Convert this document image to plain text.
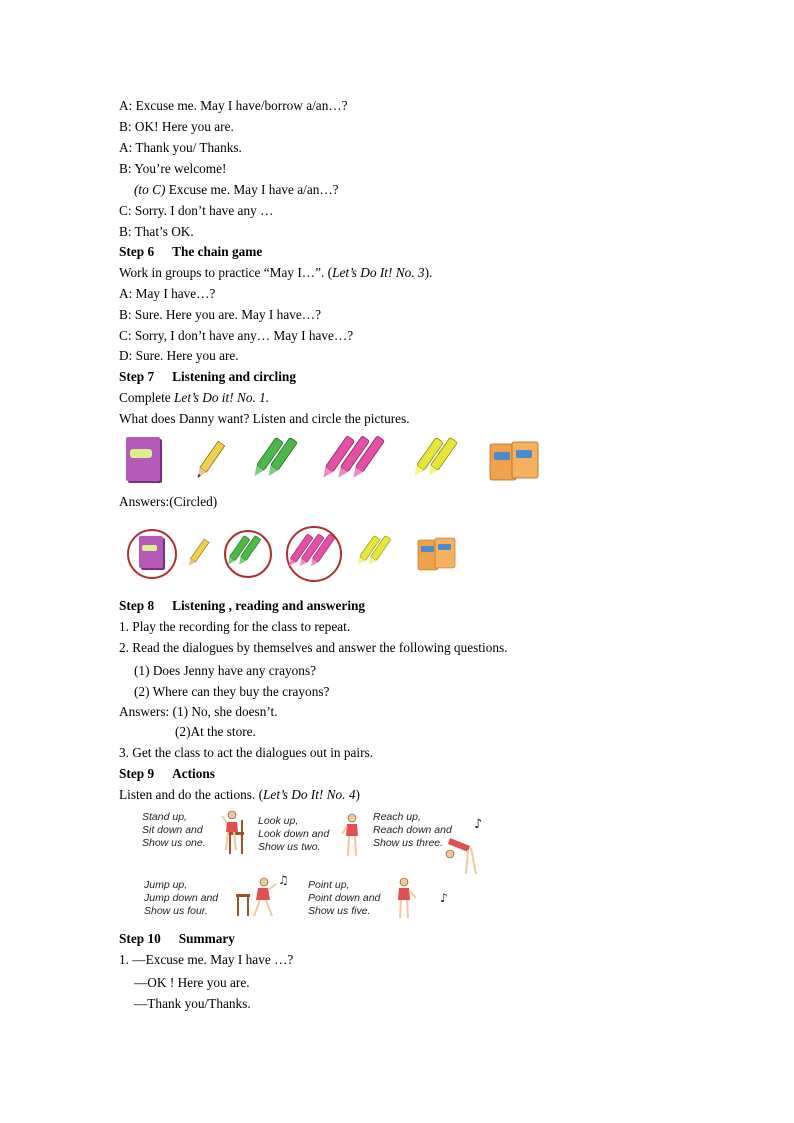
A: Excuse me. May I have/borrow a/an…?
B: OK! Here you are.
A: Thank you/ Thanks.
B: You’re welcome!
(to C) Excuse me. May I have a/an…?
C: Sorry. I don’t have any …
B: That’s OK.
Step 6 The chain game
Work in groups to practice “May I…”. (Let’s Do It! No. 3).
A: May I have…?
B: Sure. Here you are. May I have…?
C: Sorry, I don’t have any… May I have…?
D: Sure. Here you are.
Step 7 Listening and circling
Complete Let’s Do it! No. 1.
What does Danny want? Listen and circle the pictures.
Answers:(Circled)
Step 8 Listening , reading and answering
1. Play the recording for the class to repeat.
2. Read the dialogues by themselves and answer the following questions.
(1) Does Jenny have any crayons?
(2) Where can they buy the crayons?
Answers: (1) No, she doesn’t.
(2)At the store.
3. Get the class to act the dialogues out in pairs.
Step 9 Actions
Listen and do the actions. (Let’s Do It! No. 4)
Stand up, Sit down and Show us one.
Look up, Look down and Show us two.
Reach up, Reach down and Show us three.
Jump up, Jump down and Show us four.
Point up, Point down and Show us five.
♪
♫
♪
Step 10 Summary
1. —Excuse me. May I have …?
—OK ! Here you are.
—Thank you/Thanks.
